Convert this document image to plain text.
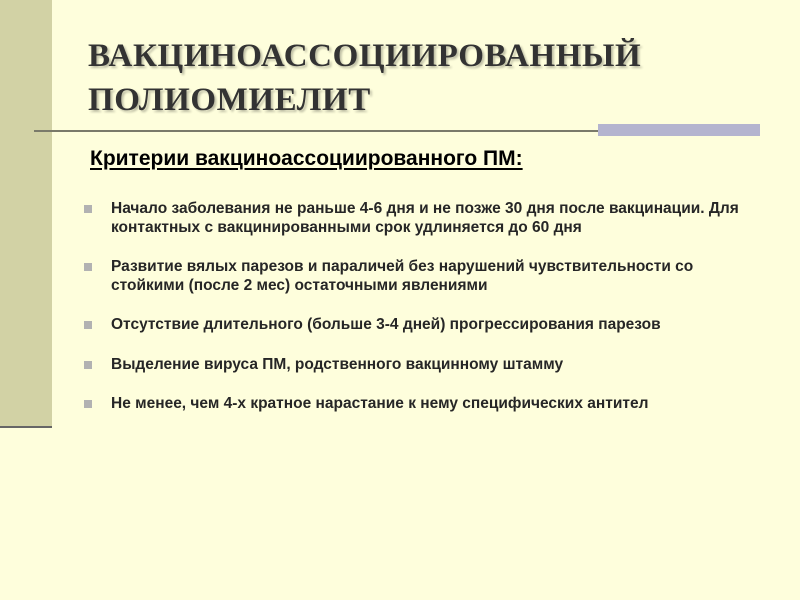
ВАКЦИНОАССОЦИИРОВАННЫЙ
ПОЛИОМИЕЛИТ
Критерии вакциноассоциированного ПМ:
Начало заболевания не раньше 4-6 дня и не позже 30 дня после вакцинации. Для контактных с вакцинированными срок удлиняется до 60 дня
Развитие вялых парезов и параличей без нарушений чувствительности со стойкими (после 2 мес) остаточными явлениями
Отсутствие длительного (больше 3-4 дней) прогрессирования парезов
Выделение вируса ПМ, родственного вакцинному штамму
Не менее, чем 4-х кратное нарастание к нему специфических антител
